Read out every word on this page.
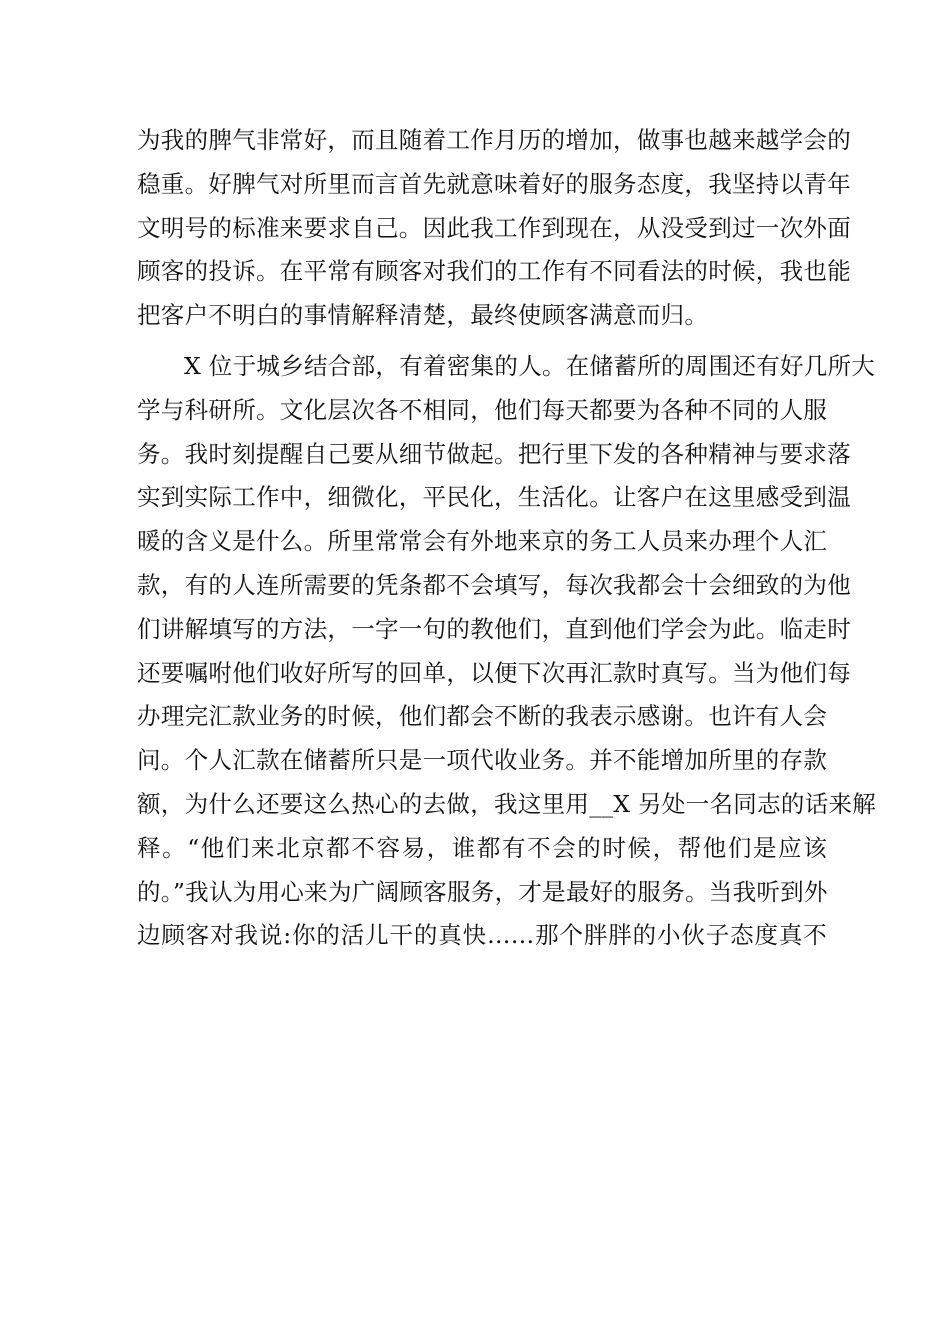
为我的脾气非常好，而且随着工作月历的增加，做事也越来越学会的
稳重。好脾气对所里而言首先就意味着好的服务态度，我坚持以青年
文明号的标准来要求自己。因此我工作到现在，从没受到过一次外面
顾客的投诉。在平常有顾客对我们的工作有不同看法的时候，我也能
把客户不明白的事情解释清楚，最终使顾客满意而归。
X 位于城乡结合部，有着密集的人。在储蓄所的周围还有好几所大
学与科研所。文化层次各不相同，他们每天都要为各种不同的人服
务。我时刻提醒自己要从细节做起。把行里下发的各种精神与要求落
实到实际工作中，细微化，平民化，生活化。让客户在这里感受到温
暖的含义是什么。所里常常会有外地来京的务工人员来办理个人汇
款，有的人连所需要的凭条都不会填写，每次我都会十会细致的为他
们讲解填写的方法，一字一句的教他们，直到他们学会为此。临走时
还要嘱咐他们收好所写的回单，以便下次再汇款时真写。当为他们每
办理完汇款业务的时候，他们都会不断的我表示感谢。也许有人会
问。个人汇款在储蓄所只是一项代收业务。并不能增加所里的存款
额，为什么还要这么热心的去做，我这里用__X 另处一名同志的话来解
释。“他们来北京都不容易，谁都有不会的时候，帮他们是应该
的。”我认为用心来为广阔顾客服务，才是最好的服务。当我听到外
边顾客对我说:你的活儿干的真快……那个胖胖的小伙子态度真不
